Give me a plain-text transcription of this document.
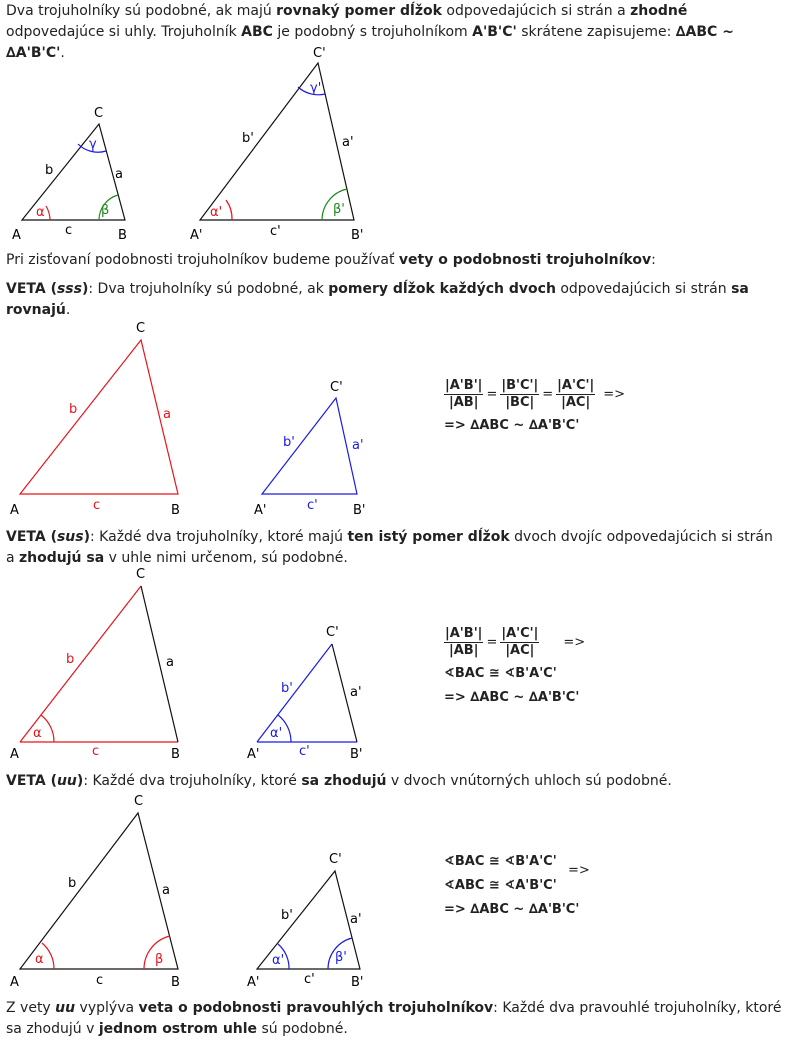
Dva trojuholníky sú podobné, ak majú rovnaký pomer dĺžok odpovedajúcich si strán a zhodné odpovedajúce si uhly. Trojuholník ABC je podobný s trojuholníkom A'B'C' skrátene zapisujeme: ∆ABC ~ ∆A'B'C'.
A	B
C
a
b
c
α	β
γ
A'	B'
C'
a'
b'
c'
α'	β'
γ'
Pri zisťovaní podobnosti trojuholníkov budeme používať vety o podobnosti trojuholníkov:
VETA (sss): Dva trojuholníky sú podobné, ak pomery dĺžok každých dvoch odpovedajúcich si strán sa rovnajú.
A	B
C
a
b
c	A'	B'
C'
a'
b'
c'
$\frac{|A'B'|}{|AB|} = \frac{|B'C'|}{|BC|} = \frac{|A'C'|}{|AC|}$ =>
=> ∆ABC ~ ∆A'B'C'
VETA (sus): Každé dva trojuholníky, ktoré majú ten istý pomer dĺžok dvoch dvojíc odpovedajúcich si strán a zhodujú sa v uhle nimi určenom, sú podobné.
A	B
C
a
b
c
α
A'	B'
C'
a'
b'
c'
α'
$\frac{|A'B'|}{|AB|} = \frac{|A'C'|}{|AC|}$ =>
∢BAC ≅ ∢B'A'C'
=> ∆ABC ~ ∆A'B'C'
VETA (uu): Každé dva trojuholníky, ktoré sa zhodujú v dvoch vnútorných uhloch sú podobné.
A	B
C
a
b
c
α	β
A'	B'
C'
a'
b'
c'
α'	β'
∢BAC ≅ ∢B'A'C'
∢ABC ≅ ∢A'B'C'
=> ∆ABC ~ ∆A'B'C'
=>
Z vety uu vyplýva veta o podobnosti pravouhlých trojuholníkov: Každé dva pravouhlé trojuholníky, ktoré sa zhodujú v jednom ostrom uhle sú podobné.
